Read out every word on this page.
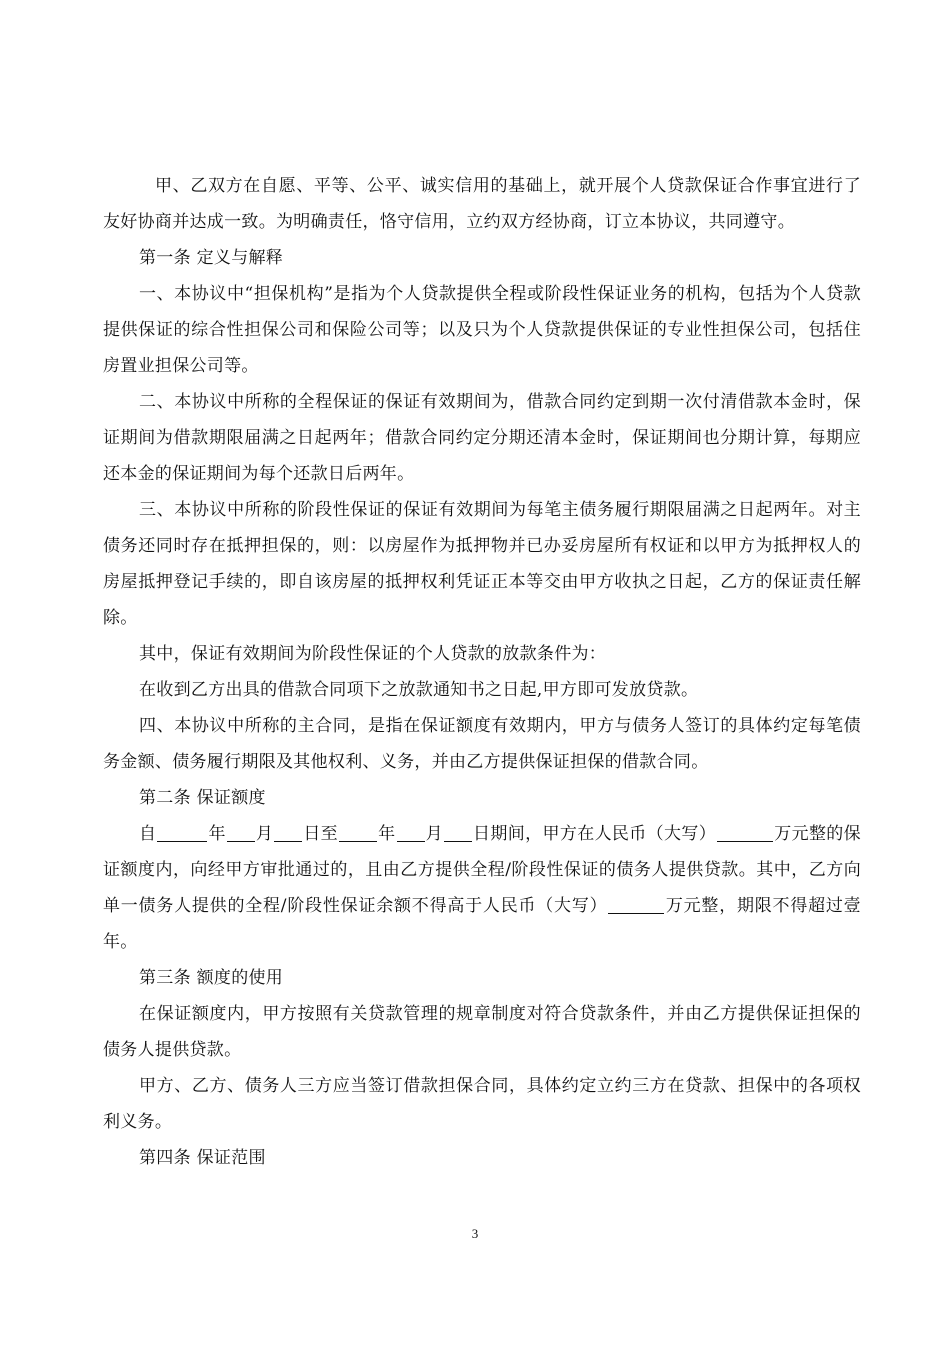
甲、乙双方在自愿、平等、公平、诚实信用的基础上，就开展个人贷款保证合作事宜进行了友好协商并达成一致。为明确责任，恪守信用，立约双方经协商，订立本协议，共同遵守。

第一条 定义与解释

一、本协议中“担保机构”是指为个人贷款提供全程或阶段性保证业务的机构，包括为个人贷款提供保证的综合性担保公司和保险公司等；以及只为个人贷款提供保证的专业性担保公司，包括住房置业担保公司等。

二、本协议中所称的全程保证的保证有效期间为，借款合同约定到期一次付清借款本金时，保证期间为借款期限届满之日起两年；借款合同约定分期还清本金时，保证期间也分期计算，每期应还本金的保证期间为每个还款日后两年。

三、本协议中所称的阶段性保证的保证有效期间为每笔主债务履行期限届满之日起两年。对主债务还同时存在抵押担保的，则：以房屋作为抵押物并已办妥房屋所有权证和以甲方为抵押权人的房屋抵押登记手续的，即自该房屋的抵押权利凭证正本等交由甲方收执之日起，乙方的保证责任解除。

其中，保证有效期间为阶段性保证的个人贷款的放款条件为：

在收到乙方出具的借款合同项下之放款通知书之日起,甲方即可发放贷款。

四、本协议中所称的主合同，是指在保证额度有效期内，甲方与债务人签订的具体约定每笔债务金额、债务履行期限及其他权利、义务，并由乙方提供保证担保的借款合同。

第二条 保证额度

自	年 月 日至 年 月 日期间，甲方在人民币（大写）	万元整的保证额度内，向经甲方审批通过的，且由乙方提供全程/阶段性保证的债务人提供贷款。其中，乙方向单一债务人提供的全程/阶段性保证余额不得高于人民币（大写）	万元整，期限不得超过壹年。

第三条 额度的使用

在保证额度内，甲方按照有关贷款管理的规章制度对符合贷款条件，并由乙方提供保证担保的债务人提供贷款。

甲方、乙方、债务人三方应当签订借款担保合同，具体约定立约三方在贷款、担保中的各项权利义务。

第四条 保证范围

3
